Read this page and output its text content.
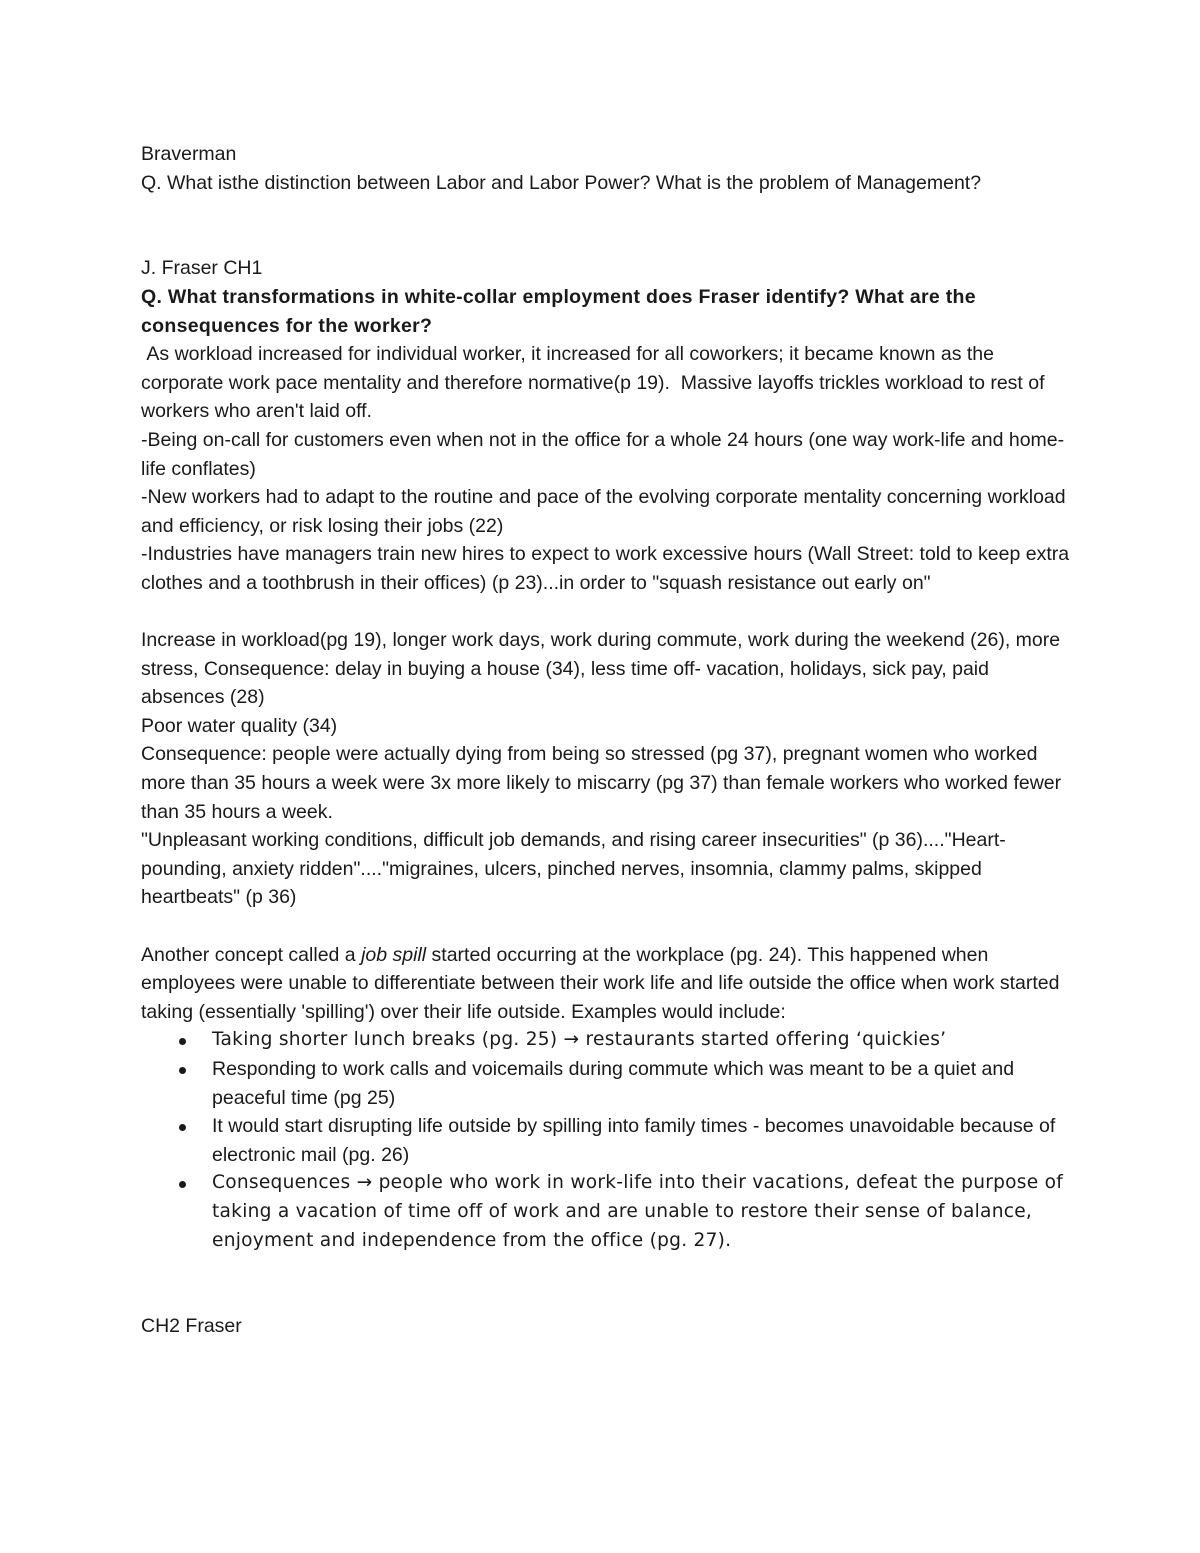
Braverman

Q. What isthe distinction between Labor and Labor Power? What is the problem of Management?

J. Fraser CH1

Q. What transformations in white-collar employment does Fraser identify? What are the consequences for the worker?

As workload increased for individual worker, it increased for all coworkers; it became known as the corporate work pace mentality and therefore normative(p 19).  Massive layoffs trickles workload to rest of workers who aren't laid off.

-Being on-call for customers even when not in the office for a whole 24 hours (one way work-life and home-life conflates)

-New workers had to adapt to the routine and pace of the evolving corporate mentality concerning workload and efficiency, or risk losing their jobs (22)

-Industries have managers train new hires to expect to work excessive hours (Wall Street: told to keep extra clothes and a toothbrush in their offices) (p 23)...in order to "squash resistance out early on"

Increase in workload(pg 19), longer work days, work during commute, work during the weekend (26), more stress, Consequence: delay in buying a house (34), less time off- vacation, holidays, sick pay, paid absences (28)

Poor water quality (34)

Consequence: people were actually dying from being so stressed (pg 37), pregnant women who worked more than 35 hours a week were 3x more likely to miscarry (pg 37) than female workers who worked fewer than 35 hours a week.

"Unpleasant working conditions, difficult job demands, and rising career insecurities" (p 36)...."Heart-pounding, anxiety ridden"...."migraines, ulcers, pinched nerves, insomnia, clammy palms, skipped heartbeats" (p 36)

Another concept called a job spill started occurring at the workplace (pg. 24). This happened when employees were unable to differentiate between their work life and life outside the office when work started taking (essentially 'spilling') over their life outside. Examples would include:

Taking shorter lunch breaks (pg. 25) → restaurants started offering ‘quickies’
Responding to work calls and voicemails during commute which was meant to be a quiet and peaceful time (pg 25)
It would start disrupting life outside by spilling into family times - becomes unavoidable because of electronic mail (pg. 26)
Consequences → people who work in work-life into their vacations, defeat the purpose of taking a vacation of time off of work and are unable to restore their sense of balance, enjoyment and independence from the office (pg. 27).

CH2 Fraser
